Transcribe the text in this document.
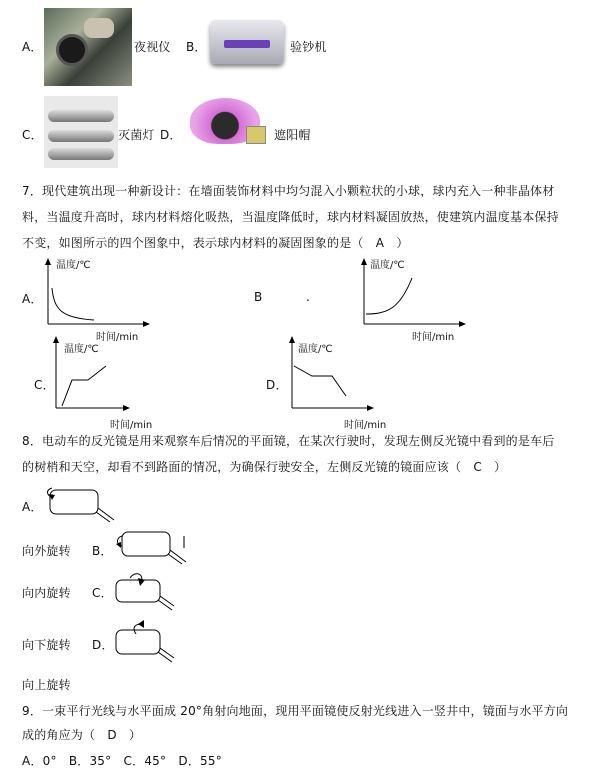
A．	夜视仪 B．	验钞机
C．	灭菌灯 D．	遮阳帽
7．现代建筑出现一种新设计：在墙面装饰材料中均匀混入小颗粒状的小球，球内充入一种非晶体材
料，当温度升高时，球内材料熔化吸热，当温度降低时，球内材料凝固放热，使建筑内温度基本保持
不变，如图所示的四个图象中，表示球内材料的凝固图象的是（　A　）
A．
温度/℃
时间/min
B	.
温度/℃
时间/min
C．
温度/℃
时间/min
D．
温度/℃
时间/min
8．电动车的反光镜是用来观察车后情况的平面镜，在某次行驶时，发现左侧反光镜中看到的是车后
的树梢和天空，却看不到路面的情况，为确保行驶安全，左侧反光镜的镜面应该（　C　）
A．
向外旋转 B．
向内旋转 C．
向下旋转 D．
向上旋转
9．一束平行光线与水平面成 20°角射向地面，现用平面镜使反射光线进入一竖井中，镜面与水平方向
成的角应为（　D　）
A．0°　B．35°　C．45°　D．55°
